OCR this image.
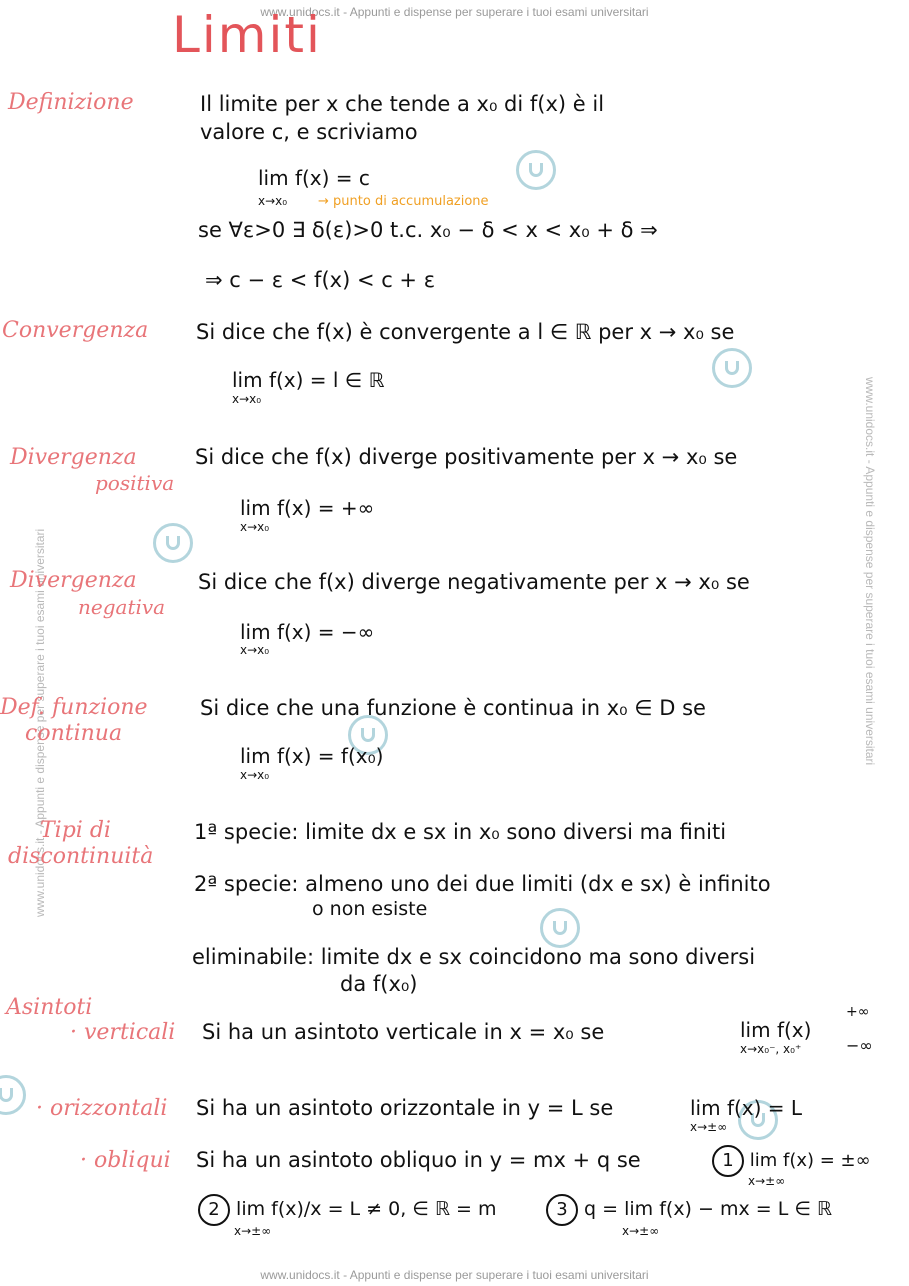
www.unidocs.it - Appunti e dispense per superare i tuoi esami universitari
www.unidocs.it - Appunti e dispense per superare i tuoi esami universitari
www.unidocs.it - Appunti e dispense per superare i tuoi esami universitari	www.unidocs.it - Appunti e dispense per superare i tuoi esami universitari
Limiti
Definizione	Il limite per x che tende a x₀ di f(x) è il
valore c, e scriviamo
lim f(x) = c
x→x₀ → punto di accumulazione
se ∀ε>0 ∃ δ(ε)>0 t.c. x₀ − δ < x < x₀ + δ ⇒
⇒ c − ε < f(x) < c + ε
Convergenza Si dice che f(x) è convergente a l ∈ ℝ per x → x₀ se
lim f(x) = l ∈ ℝ
x→x₀
Divergenza
positiva
Si dice che f(x) diverge positivamente per x → x₀ se
lim f(x) = +∞
x→x₀
Divergenza
negativa
Si dice che f(x) diverge negativamente per x → x₀ se
lim f(x) = −∞
x→x₀
Def. funzione
continua
Si dice che una funzione è continua in x₀ ∈ D se
lim f(x) = f(x₀)
x→x₀
Tipi di
discontinuità
1ª specie: limite dx e sx in x₀ sono diversi ma finiti
2ª specie: almeno uno dei due limiti (dx e sx) è infinito
o non esiste
eliminabile: limite dx e sx coincidono ma sono diversi
da f(x₀)
Asintoti
· verticali Si ha un asintoto verticale in x = x₀ se	lim f(x)
x→x₀⁻, x₀⁺
+∞
−∞
· orizzontali Si ha un asintoto orizzontale in y = L se	lim f(x) = L
x→±∞
· obliqui Si ha un asintoto obliquo in y = mx + q se	1 lim f(x) = ±∞
x→±∞
2 lim f(x)/x = L ≠ 0, ∈ ℝ = m
x→±∞
3 q = lim f(x) − mx = L ∈ ℝ
x→±∞
